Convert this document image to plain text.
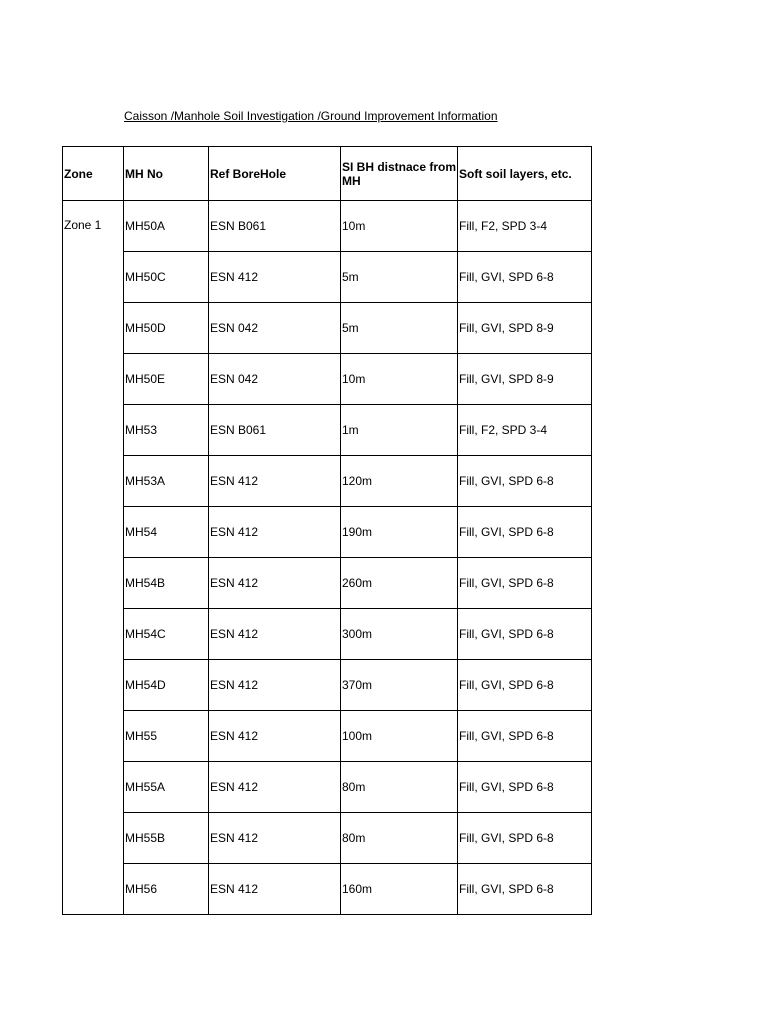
Caisson /Manhole Soil Investigation /Ground Improvement Information
Zone	MH No	Ref BoreHole	SI BH distnace from MH	Soft soil layers, etc.
Zone 1	MH50A	ESN B061	10m	Fill, F2, SPD 3-4
	MH50C	ESN 412	5m	Fill, GVI, SPD 6-8
	MH50D	ESN 042	5m	Fill, GVI, SPD 8-9
	MH50E	ESN 042	10m	Fill, GVI, SPD 8-9
	MH53	ESN B061	1m	Fill, F2, SPD 3-4
	MH53A	ESN 412	120m	Fill, GVI, SPD 6-8
	MH54	ESN 412	190m	Fill, GVI, SPD 6-8
	MH54B	ESN 412	260m	Fill, GVI, SPD 6-8
	MH54C	ESN 412	300m	Fill, GVI, SPD 6-8
	MH54D	ESN 412	370m	Fill, GVI, SPD 6-8
	MH55	ESN 412	100m	Fill, GVI, SPD 6-8
	MH55A	ESN 412	80m	Fill, GVI, SPD 6-8
	MH55B	ESN 412	80m	Fill, GVI, SPD 6-8
	MH56	ESN 412	160m	Fill, GVI, SPD 6-8
